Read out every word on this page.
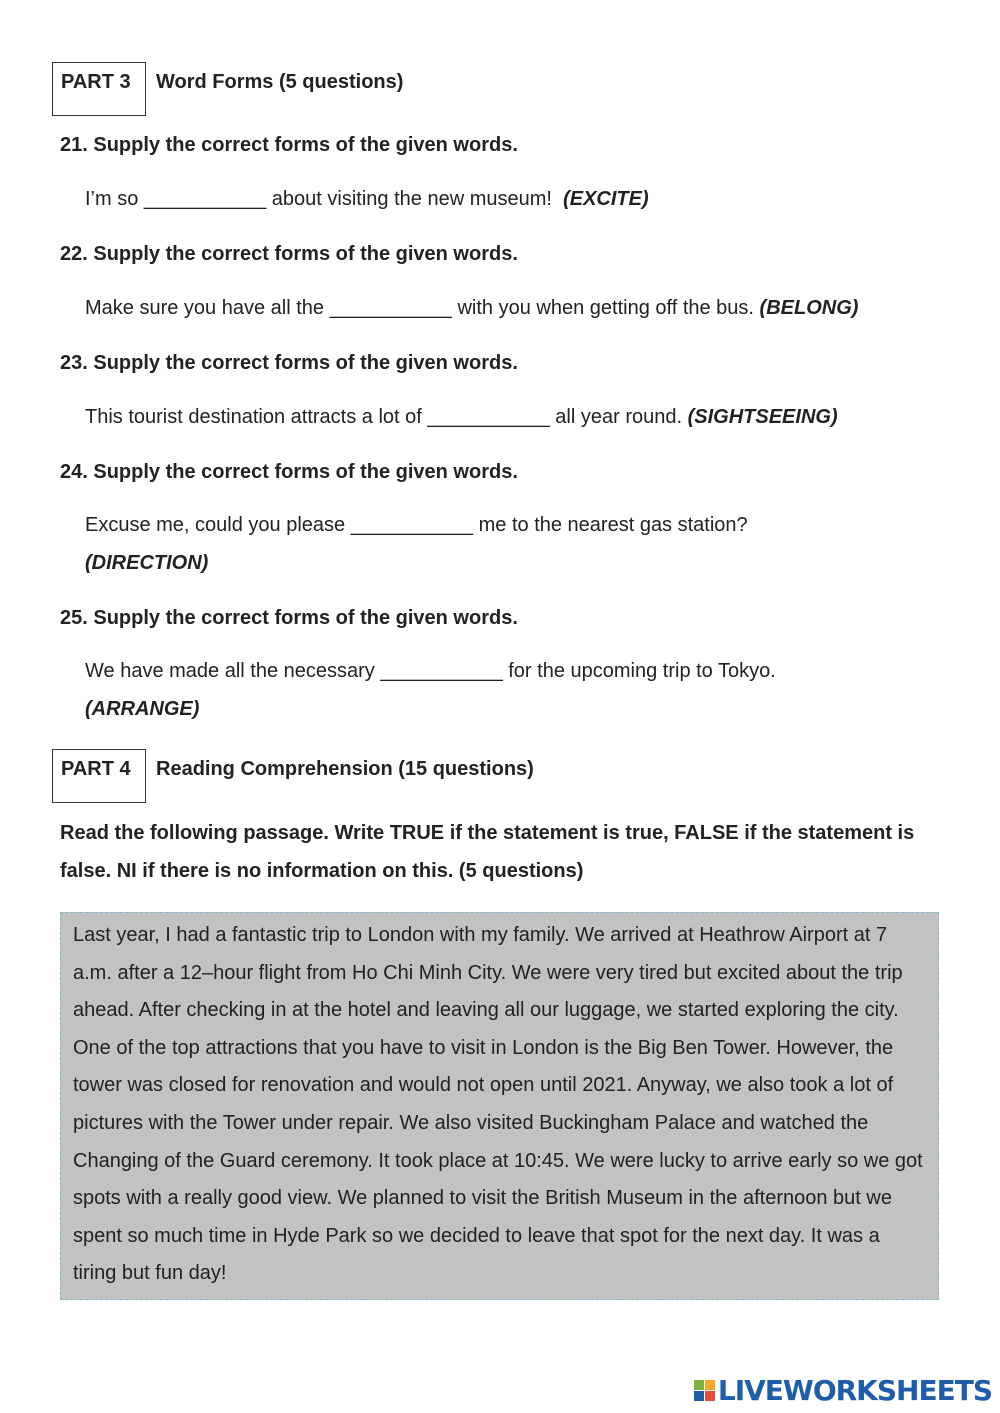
PART 3	Word Forms (5 questions)
21. Supply the correct forms of the given words.
I’m so ___________ about visiting the new museum! (EXCITE)
22. Supply the correct forms of the given words.
Make sure you have all the ___________ with you when getting off the bus. (BELONG)
23. Supply the correct forms of the given words.
This tourist destination attracts a lot of ___________ all year round. (SIGHTSEEING)
24. Supply the correct forms of the given words.
Excuse me, could you please ___________ me to the nearest gas station?
(DIRECTION)
25. Supply the correct forms of the given words.
We have made all the necessary ___________ for the upcoming trip to Tokyo.
(ARRANGE)
PART 4	Reading Comprehension (15 questions)
Read the following passage. Write TRUE if the statement is true, FALSE if the statement is false. NI if there is no information on this. (5 questions)
Last year, I had a fantastic trip to London with my family. We arrived at Heathrow Airport at 7 a.m. after a 12–hour flight from Ho Chi Minh City. We were very tired but excited about the trip ahead. After checking in at the hotel and leaving all our luggage, we started exploring the city. One of the top attractions that you have to visit in London is the Big Ben Tower. However, the tower was closed for renovation and would not open until 2021. Anyway, we also took a lot of pictures with the Tower under repair. We also visited Buckingham Palace and watched the Changing of the Guard ceremony. It took place at 10:45. We were lucky to arrive early so we got spots with a really good view. We planned to visit the British Museum in the afternoon but we spent so much time in Hyde Park so we decided to leave that spot for the next day. It was a tiring but fun day!
LIVEWORKSHEETS
